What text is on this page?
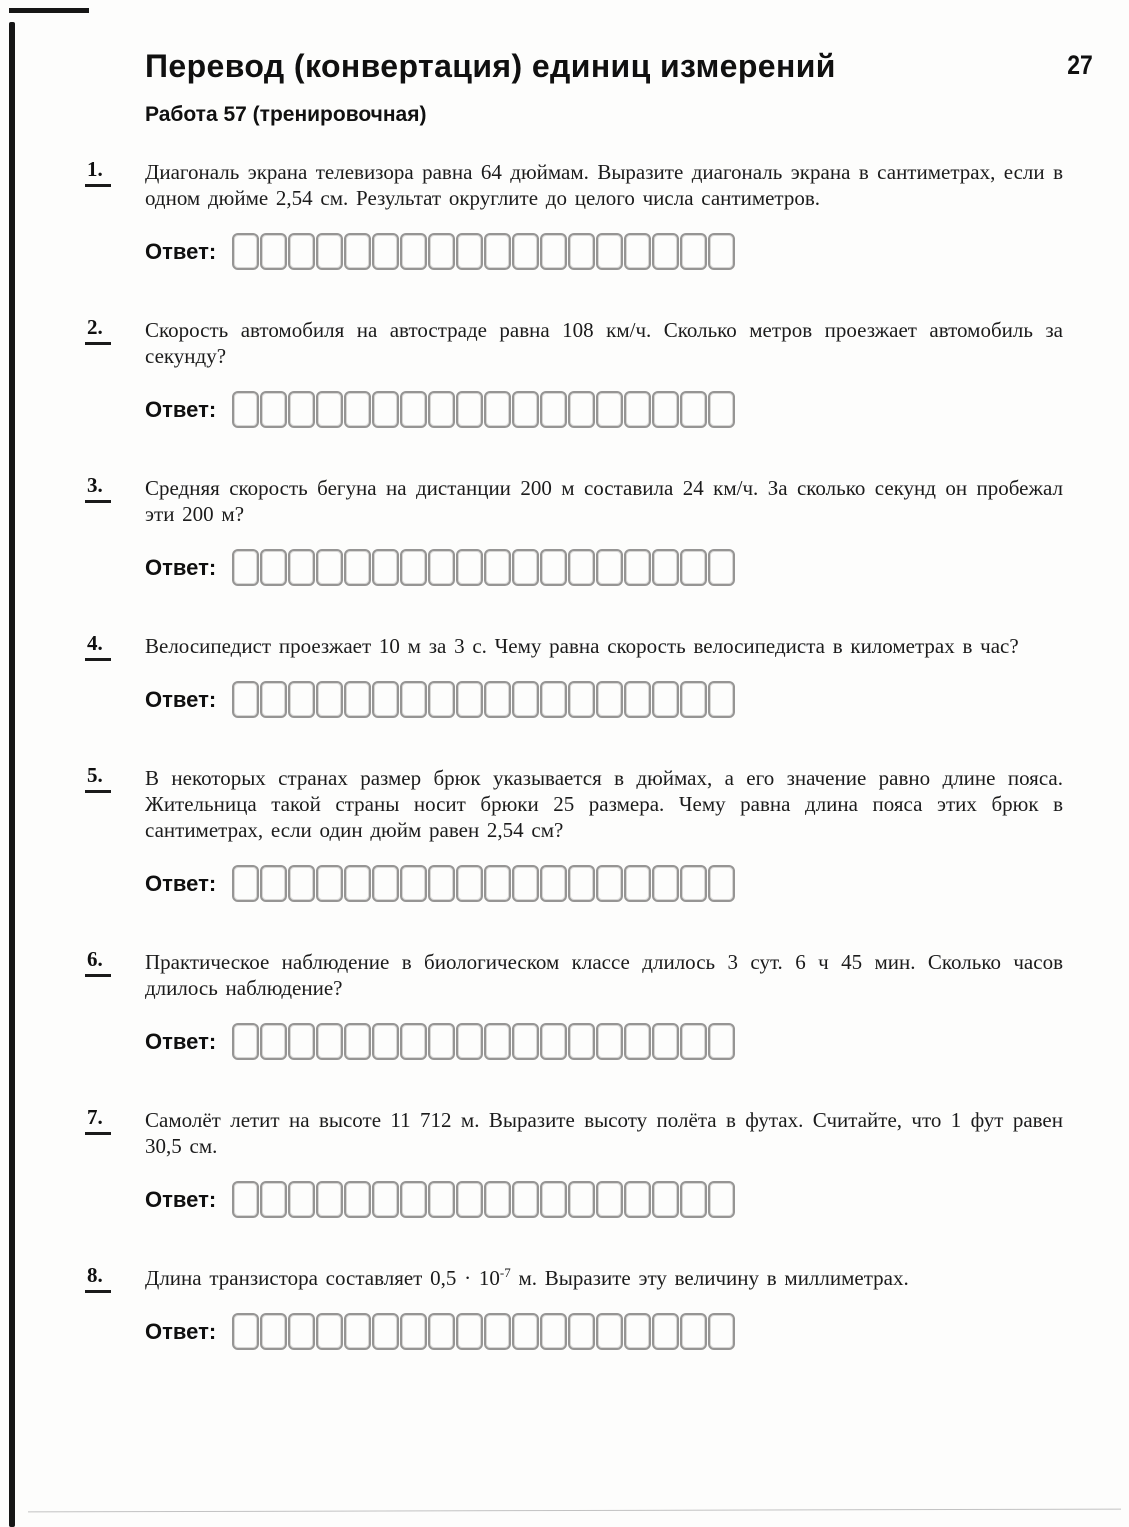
Перевод (конвертация) единиц измерений	27
Работа 57 (тренировочная)
1.	Диагональ экрана телевизора равна 64 дюймам. Выразите диагональ экрана в сантиметрах, если в одном дюйме 2,54 см. Результат округлите до целого числа сантиметров.

Ответ:
2.	Скорость автомобиля на автостраде равна 108 км/ч. Сколько метров проезжает автомобиль за секунду?

Ответ:
3.	Средняя скорость бегуна на дистанции 200 м составила 24 км/ч. За сколько секунд он пробежал эти 200 м?

Ответ:
4.	Велосипедист проезжает 10 м за 3 с. Чему равна скорость велосипедиста в километрах в час?

Ответ:
5.	В некоторых странах размер брюк указывается в дюймах, а его значение равно длине пояса. Жительница такой страны носит брюки 25 размера. Чему равна длина пояса этих брюк в сантиметрах, если один дюйм равен 2,54 см?

Ответ:
6.	Практическое наблюдение в биологическом классе длилось 3 сут. 6 ч 45 мин. Сколько часов длилось наблюдение?

Ответ:
7.	Самолёт летит на высоте 11 712 м. Выразите высоту полёта в футах. Считайте, что 1 фут равен 30,5 см.

Ответ:
8.	Длина транзистора составляет $0,5 \cdot 10^{-7}$ м. Выразите эту величину в миллиметрах.

Ответ:
